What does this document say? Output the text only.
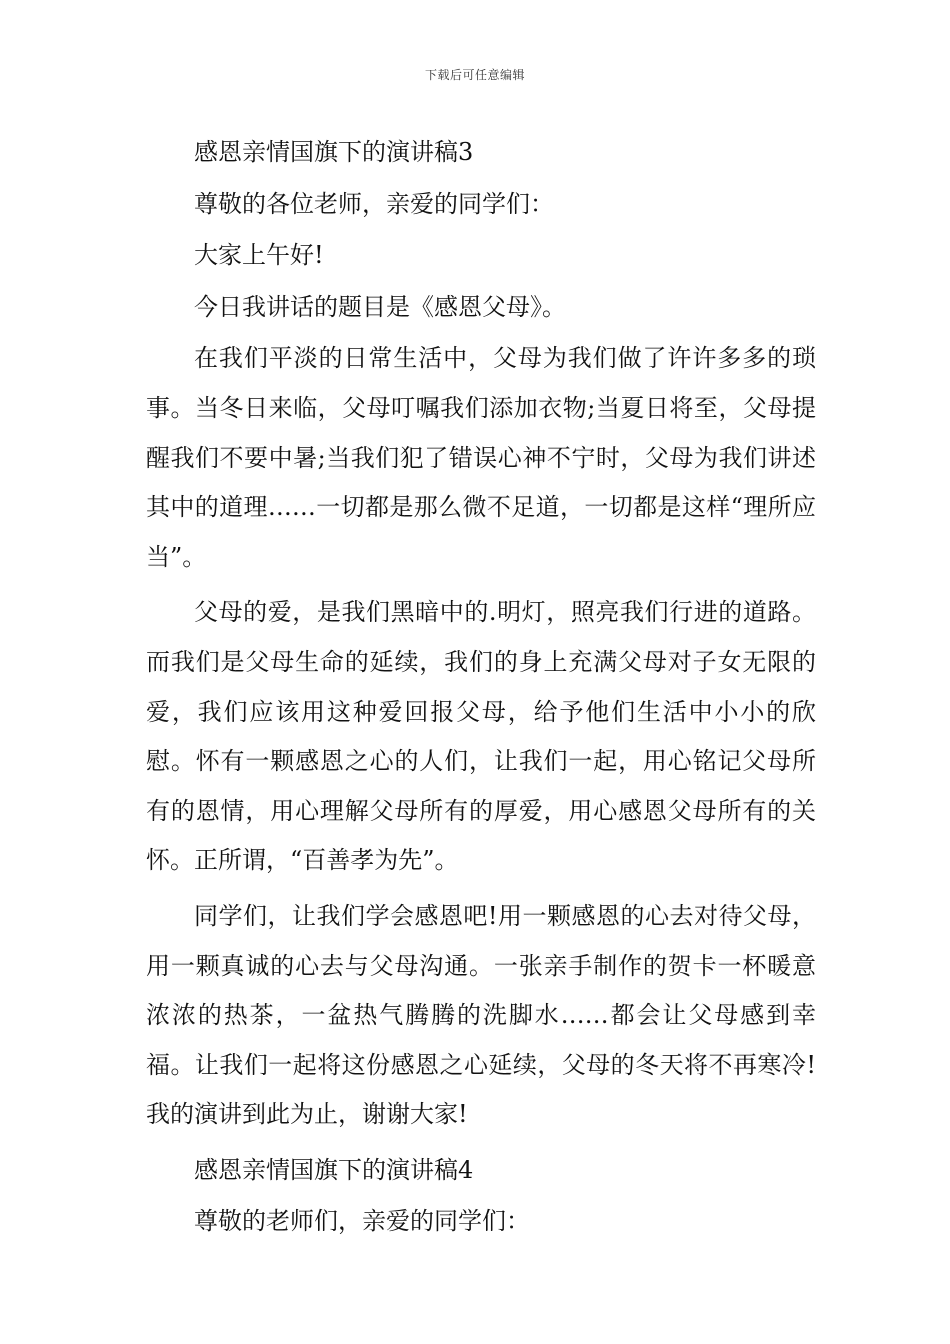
下载后可任意编辑

感恩亲情国旗下的演讲稿3

尊敬的各位老师，亲爱的同学们：

大家上午好!

今日我讲话的题目是《感恩父母》。

在我们平淡的日常生活中，父母为我们做了许许多多的琐事。当冬日来临，父母叮嘱我们添加衣物;当夏日将至，父母提醒我们不要中暑;当我们犯了错误心神不宁时，父母为我们讲述其中的道理……一切都是那么微不足道，一切都是这样“理所应当”。

父母的爱，是我们黑暗中的.明灯，照亮我们行进的道路。而我们是父母生命的延续，我们的身上充满父母对子女无限的爱，我们应该用这种爱回报父母，给予他们生活中小小的欣慰。怀有一颗感恩之心的人们，让我们一起，用心铭记父母所有的恩情，用心理解父母所有的厚爱，用心感恩父母所有的关怀。正所谓，“百善孝为先”。

同学们，让我们学会感恩吧!用一颗感恩的心去对待父母，用一颗真诚的心去与父母沟通。一张亲手制作的贺卡一杯暖意浓浓的热茶，一盆热气腾腾的洗脚水……都会让父母感到幸福。让我们一起将这份感恩之心延续，父母的冬天将不再寒冷!我的演讲到此为止，谢谢大家!

感恩亲情国旗下的演讲稿4

尊敬的老师们，亲爱的同学们：
